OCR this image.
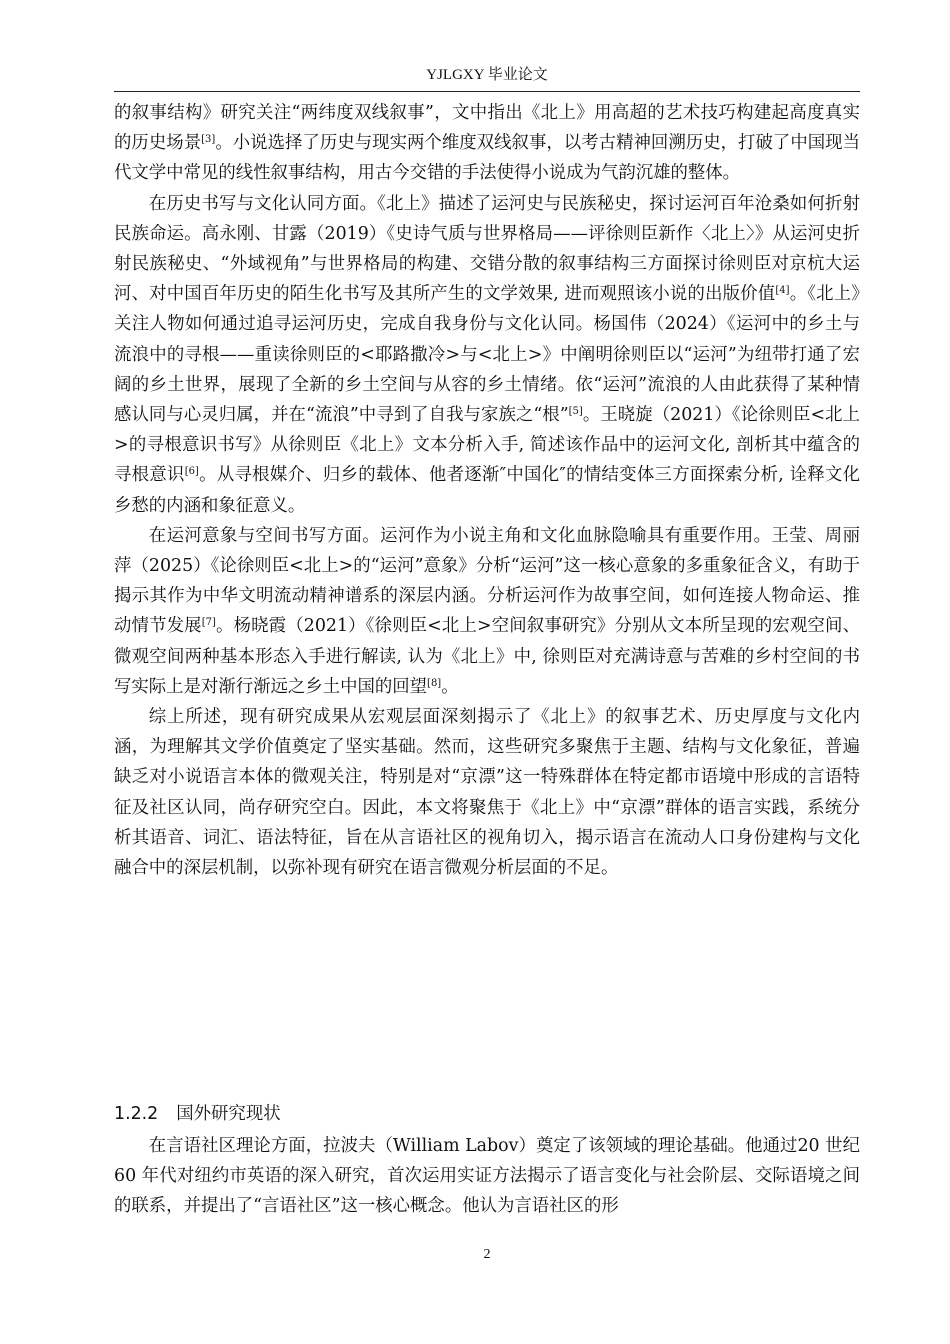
YJLGXY 毕业论文

的叙事结构》研究关注“两纬度双线叙事”，文中指出《北上》用高超的艺术技巧构建起高度真实的历史场景[3]。小说选择了历史与现实两个维度双线叙事，以考古精神回溯历史，打破了中国现当代文学中常见的线性叙事结构，用古今交错的手法使得小说成为气韵沉雄的整体。

在历史书写与文化认同方面。《北上》描述了运河史与民族秘史，探讨运河百年沧桑如何折射民族命运。高永刚、甘露（2019）《史诗气质与世界格局——评徐则臣新作〈北上〉》从运河史折射民族秘史、“外域视角”与世界格局的构建、交错分散的叙事结构三方面探讨徐则臣对京杭大运河、对中国百年历史的陌生化书写及其所产生的文学效果, 进而观照该小说的出版价值[4]。《北上》关注人物如何通过追寻运河历史，完成自我身份与文化认同。杨国伟（2024）《运河中的乡土与流浪中的寻根——重读徐则臣的<耶路撒冷>与<北上>》中阐明徐则臣以“运河”为纽带打通了宏阔的乡土世界，展现了全新的乡土空间与从容的乡土情绪。依“运河”流浪的人由此获得了某种情感认同与心灵归属，并在“流浪”中寻到了自我与家族之“根”[5]。王晓旋（2021）《论徐则臣<北上>的寻根意识书写》从徐则臣《北上》文本分析入手, 简述该作品中的运河文化, 剖析其中蕴含的寻根意识[6]。从寻根媒介、归乡的载体、他者逐渐″中国化″的情结变体三方面探索分析, 诠释文化乡愁的内涵和象征意义。

在运河意象与空间书写方面。运河作为小说主角和文化血脉隐喻具有重要作用。王莹、周丽萍（2025）《论徐则臣<北上>的“运河”意象》分析“运河”这一核心意象的多重象征含义，有助于揭示其作为中华文明流动精神谱系的深层内涵。分析运河作为故事空间，如何连接人物命运、推动情节发展[7]。杨晓霞（2021）《徐则臣<北上>空间叙事研究》分别从文本所呈现的宏观空间、微观空间两种基本形态入手进行解读, 认为《北上》中, 徐则臣对充满诗意与苦难的乡村空间的书写实际上是对渐行渐远之乡土中国的回望[8]。

综上所述，现有研究成果从宏观层面深刻揭示了《北上》的叙事艺术、历史厚度与文化内涵，为理解其文学价值奠定了坚实基础。然而，这些研究多聚焦于主题、结构与文化象征，普遍缺乏对小说语言本体的微观关注，特别是对“京漂”这一特殊群体在特定都市语境中形成的言语特征及社区认同，尚存研究空白。因此，本文将聚焦于《北上》中“京漂”群体的语言实践，系统分析其语音、词汇、语法特征，旨在从言语社区的视角切入，揭示语言在流动人口身份建构与文化融合中的深层机制，以弥补现有研究在语言微观分析层面的不足。

1.2.2 国外研究现状

在言语社区理论方面，拉波夫（William Labov）奠定了该领域的理论基础。他通过20 世纪 60 年代对纽约市英语的深入研究，首次运用实证方法揭示了语言变化与社会阶层、交际语境之间的联系，并提出了“言语社区”这一核心概念。他认为言语社区的形

2
